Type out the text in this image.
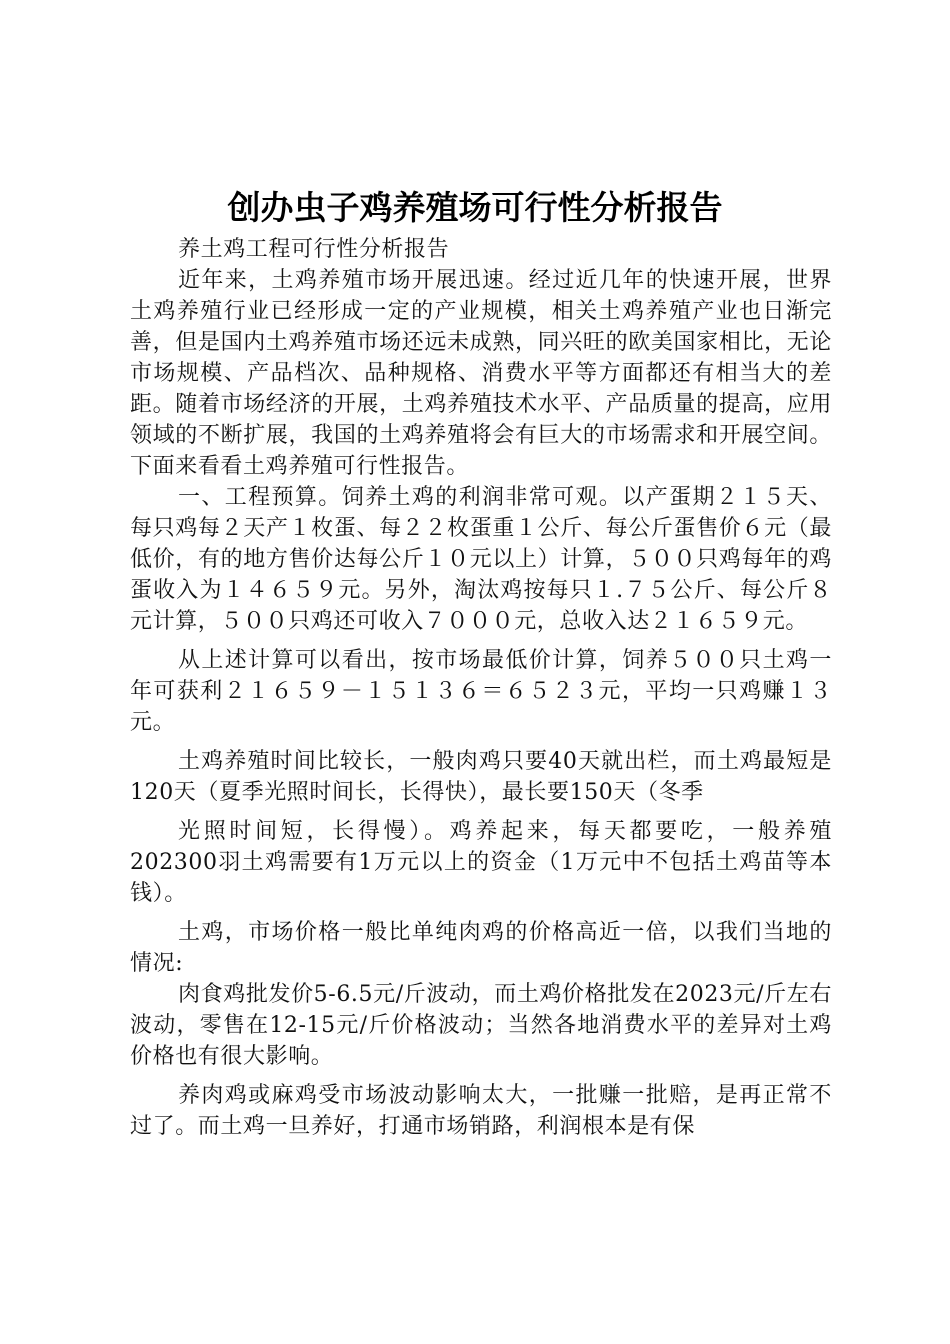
创办虫子鸡养殖场可行性分析报告

养土鸡工程可行性分析报告

近年来，土鸡养殖市场开展迅速。经过近几年的快速开展，世界土鸡养殖行业已经形成一定的产业规模，相关土鸡养殖产业也日渐完善，但是国内土鸡养殖市场还远未成熟，同兴旺的欧美国家相比，无论市场规模、产品档次、品种规格、消费水平等方面都还有相当大的差距。随着市场经济的开展，土鸡养殖技术水平、产品质量的提高，应用领域的不断扩展，我国的土鸡养殖将会有巨大的市场需求和开展空间。下面来看看土鸡养殖可行性报告。

一、工程预算。饲养土鸡的利润非常可观。以产蛋期２１５天、每只鸡每２天产１枚蛋、每２２枚蛋重１公斤、每公斤蛋售价６元（最低价，有的地方售价达每公斤１０元以上）计算，５００只鸡每年的鸡蛋收入为１４６５９元。另外，淘汰鸡按每只１.７５公斤、每公斤８元计算，５００只鸡还可收入７０００元，总收入达２１６５９元。

从上述计算可以看出，按市场最低价计算，饲养５００只土鸡一年可获利２１６５９－１５１３６＝６５２３元，平均一只鸡赚１３元。

土鸡养殖时间比较长，一般肉鸡只要40天就出栏，而土鸡最短是120天（夏季光照时间长，长得快），最长要150天（冬季

光照时间短，长得慢）。鸡养起来，每天都要吃，一般养殖202300羽土鸡需要有1万元以上的资金（1万元中不包括土鸡苗等本钱）。

土鸡，市场价格一般比单纯肉鸡的价格高近一倍，以我们当地的情况:

肉食鸡批发价5-6.5元/斤波动，而土鸡价格批发在2023元/斤左右波动，零售在12-15元/斤价格波动；当然各地消费水平的差异对土鸡价格也有很大影响。

养肉鸡或麻鸡受市场波动影响太大，一批赚一批赔，是再正常不过了。而土鸡一旦养好，打通市场销路，利润根本是有保
